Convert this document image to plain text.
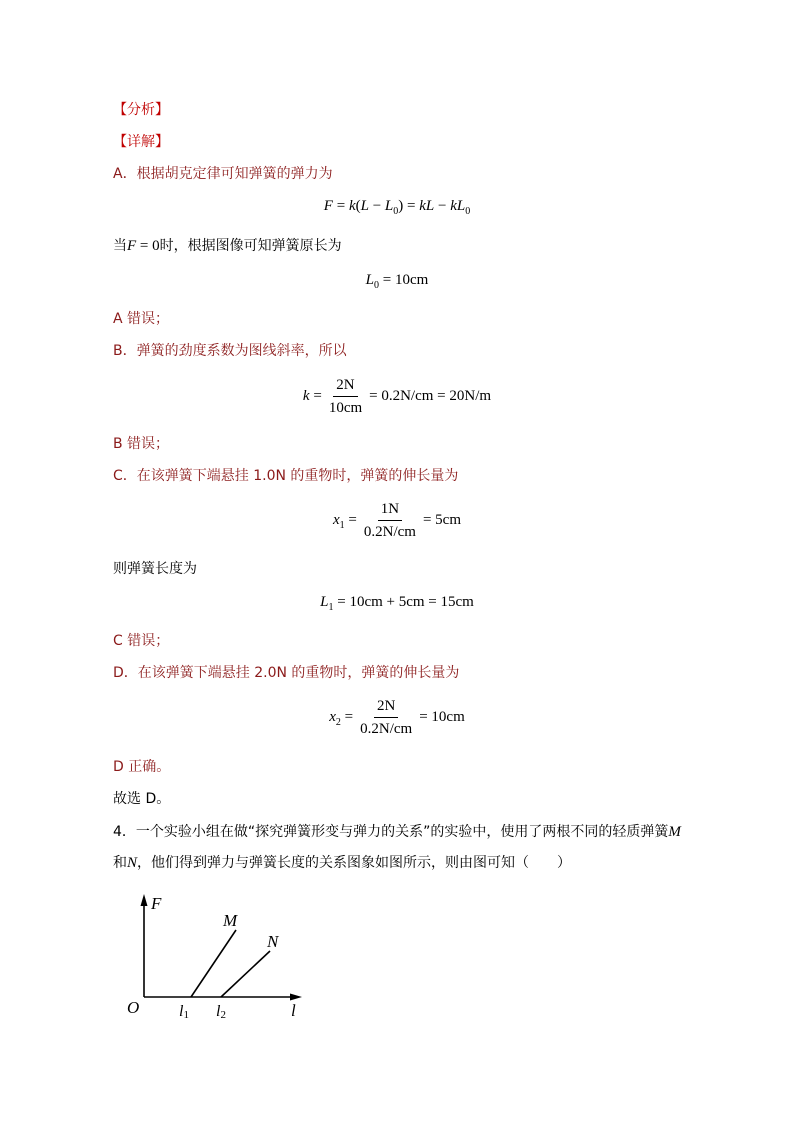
【分析】
【详解】
A．根据胡克定律可知弹簧的弹力为
$F = k(L - L_0)$ = kL − $kL_0$
当F = 0时，根据图像可知弹簧原长为
$L_0 = 10cm$
A 错误；
B．弹簧的劲度系数为图线斜率，所以
$k = \frac{2N}{10cm} = 0.2N/cm = 20N/m$
B 错误；
C．在该弹簧下端悬挂 1.0N 的重物时，弹簧的伸长量为
$x_1 = \frac{1N}{0.2N/cm} = 5cm$
则弹簧长度为
$L_1 = 10cm + 5cm = 15cm$
C 错误；
D．在该弹簧下端悬挂 2.0N 的重物时，弹簧的伸长量为
$x_2 = \frac{2N}{0.2N/cm} = 10cm$
D 正确。
故选 D。
4．一个实验小组在做“探究弹簧形变与弹力的关系”的实验中，使用了两根不同的轻质弹簧M
和N，他们得到弹力与弹簧长度的关系图象如图所示，则由图可知（　　）
F
O	l
M
N
l1 l2
